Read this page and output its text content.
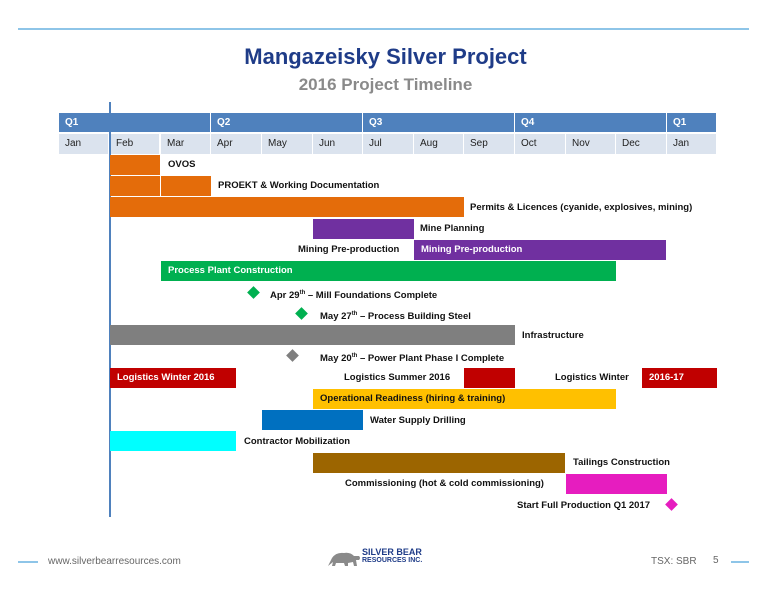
Mangazeisky Silver Project
2016 Project Timeline
Q1	Q2	Q3	Q4	Q1
Jan	Feb	Mar	Apr	May	Jun	Jul	Aug	Sep	Oct	Nov	Dec	Jan
OVOS
PROEKT & Working Documentation
Permits & Licences (cyanide, explosives, mining)
Mine Planning
Mining Pre-production Mining Pre-production
Process Plant Construction
Apr 29th – Mill Foundations Complete
May 27th – Process Building Steel
Infrastructure
May 20th – Power Plant Phase I Complete
Logistics Winter 2016	Logistics Summer 2016	Logistics Winter 2016-17
Operational Readiness (hiring & training)
Water Supply Drilling
Contractor Mobilization
Tailings Construction
Commissioning (hot & cold commissioning)
Start Full Production Q1 2017
www.silverbearresources.com
SILVER BEAR
RESOURCES INC.	TSX: SBR 5
